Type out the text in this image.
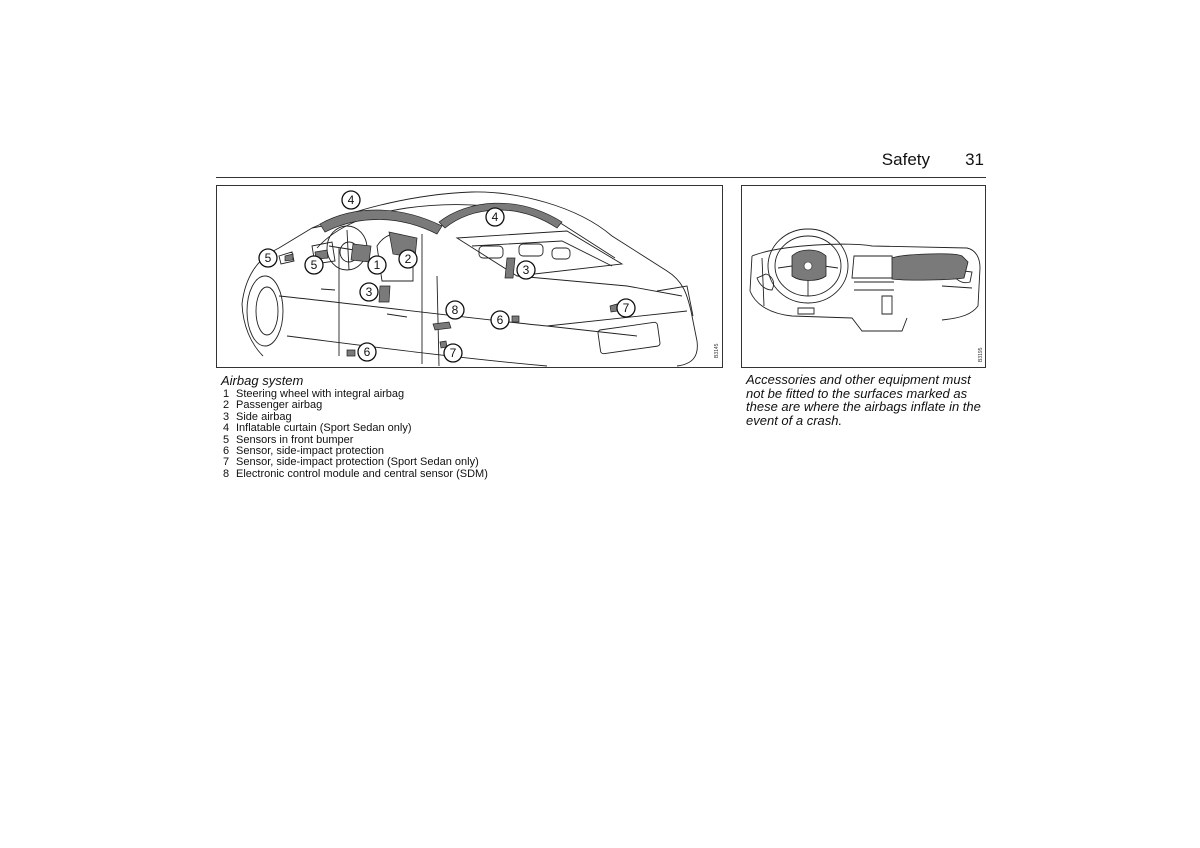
Safety 31
4
4
5	5	1 2
3
3
8
6
7
7
6	B3145	B3195
Airbag system
1 Steering wheel with integral airbag
2 Passenger airbag
3 Side airbag
4 Inflatable curtain (Sport Sedan only)
5 Sensors in front bumper
6 Sensor, side-impact protection
7 Sensor, side-impact protection (Sport Sedan only)
8 Electronic control module and central sensor (SDM)
Accessories and other equipment must not be fitted to the surfaces marked as these are where the airbags inflate in the event of a crash.
